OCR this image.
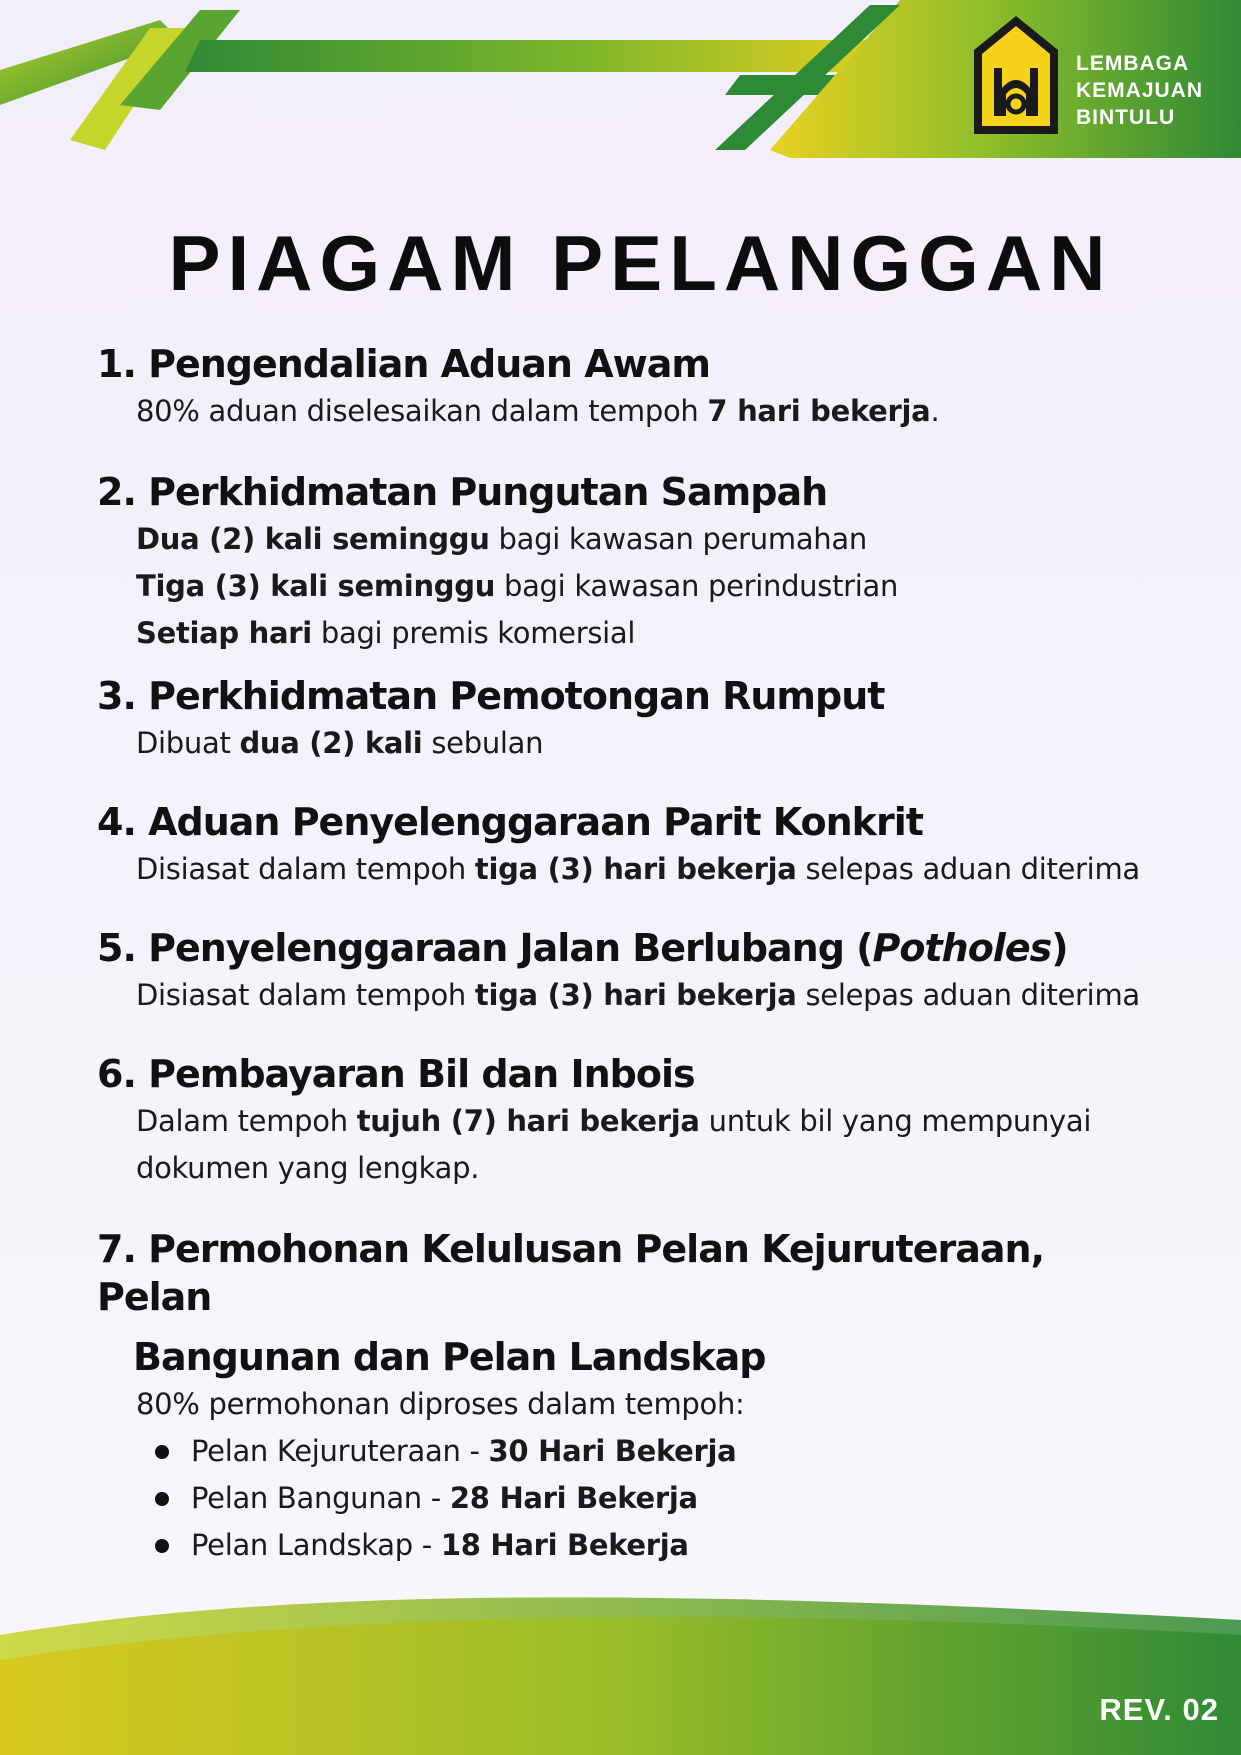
LEMBAGA
KEMAJUAN
BINTULU
PIAGAM PELANGGAN

1. Pengendalian Aduan Awam

80% aduan diselesaikan dalam tempoh 7 hari bekerja.

2. Perkhidmatan Pungutan Sampah

Dua (2) kali seminggu bagi kawasan perumahan
Tiga (3) kali seminggu bagi kawasan perindustrian
Setiap hari bagi premis komersial

3. Perkhidmatan Pemotongan Rumput

Dibuat dua (2) kali sebulan

4. Aduan Penyelenggaraan Parit Konkrit

Disiasat dalam tempoh tiga (3) hari bekerja selepas aduan diterima

5. Penyelenggaraan Jalan Berlubang (Potholes)

Disiasat dalam tempoh tiga (3) hari bekerja selepas aduan diterima

6. Pembayaran Bil dan Inbois

Dalam tempoh tujuh (7) hari bekerja untuk bil yang mempunyai
dokumen yang lengkap.

7. Permohonan Kelulusan Pelan Kejuruteraan, Pelan
Bangunan dan Pelan Landskap

80% permohonan diproses dalam tempoh:
Pelan Kejuruteraan - 30 Hari Bekerja
Pelan Bangunan - 28 Hari Bekerja
Pelan Landskap - 18 Hari Bekerja
REV. 02
